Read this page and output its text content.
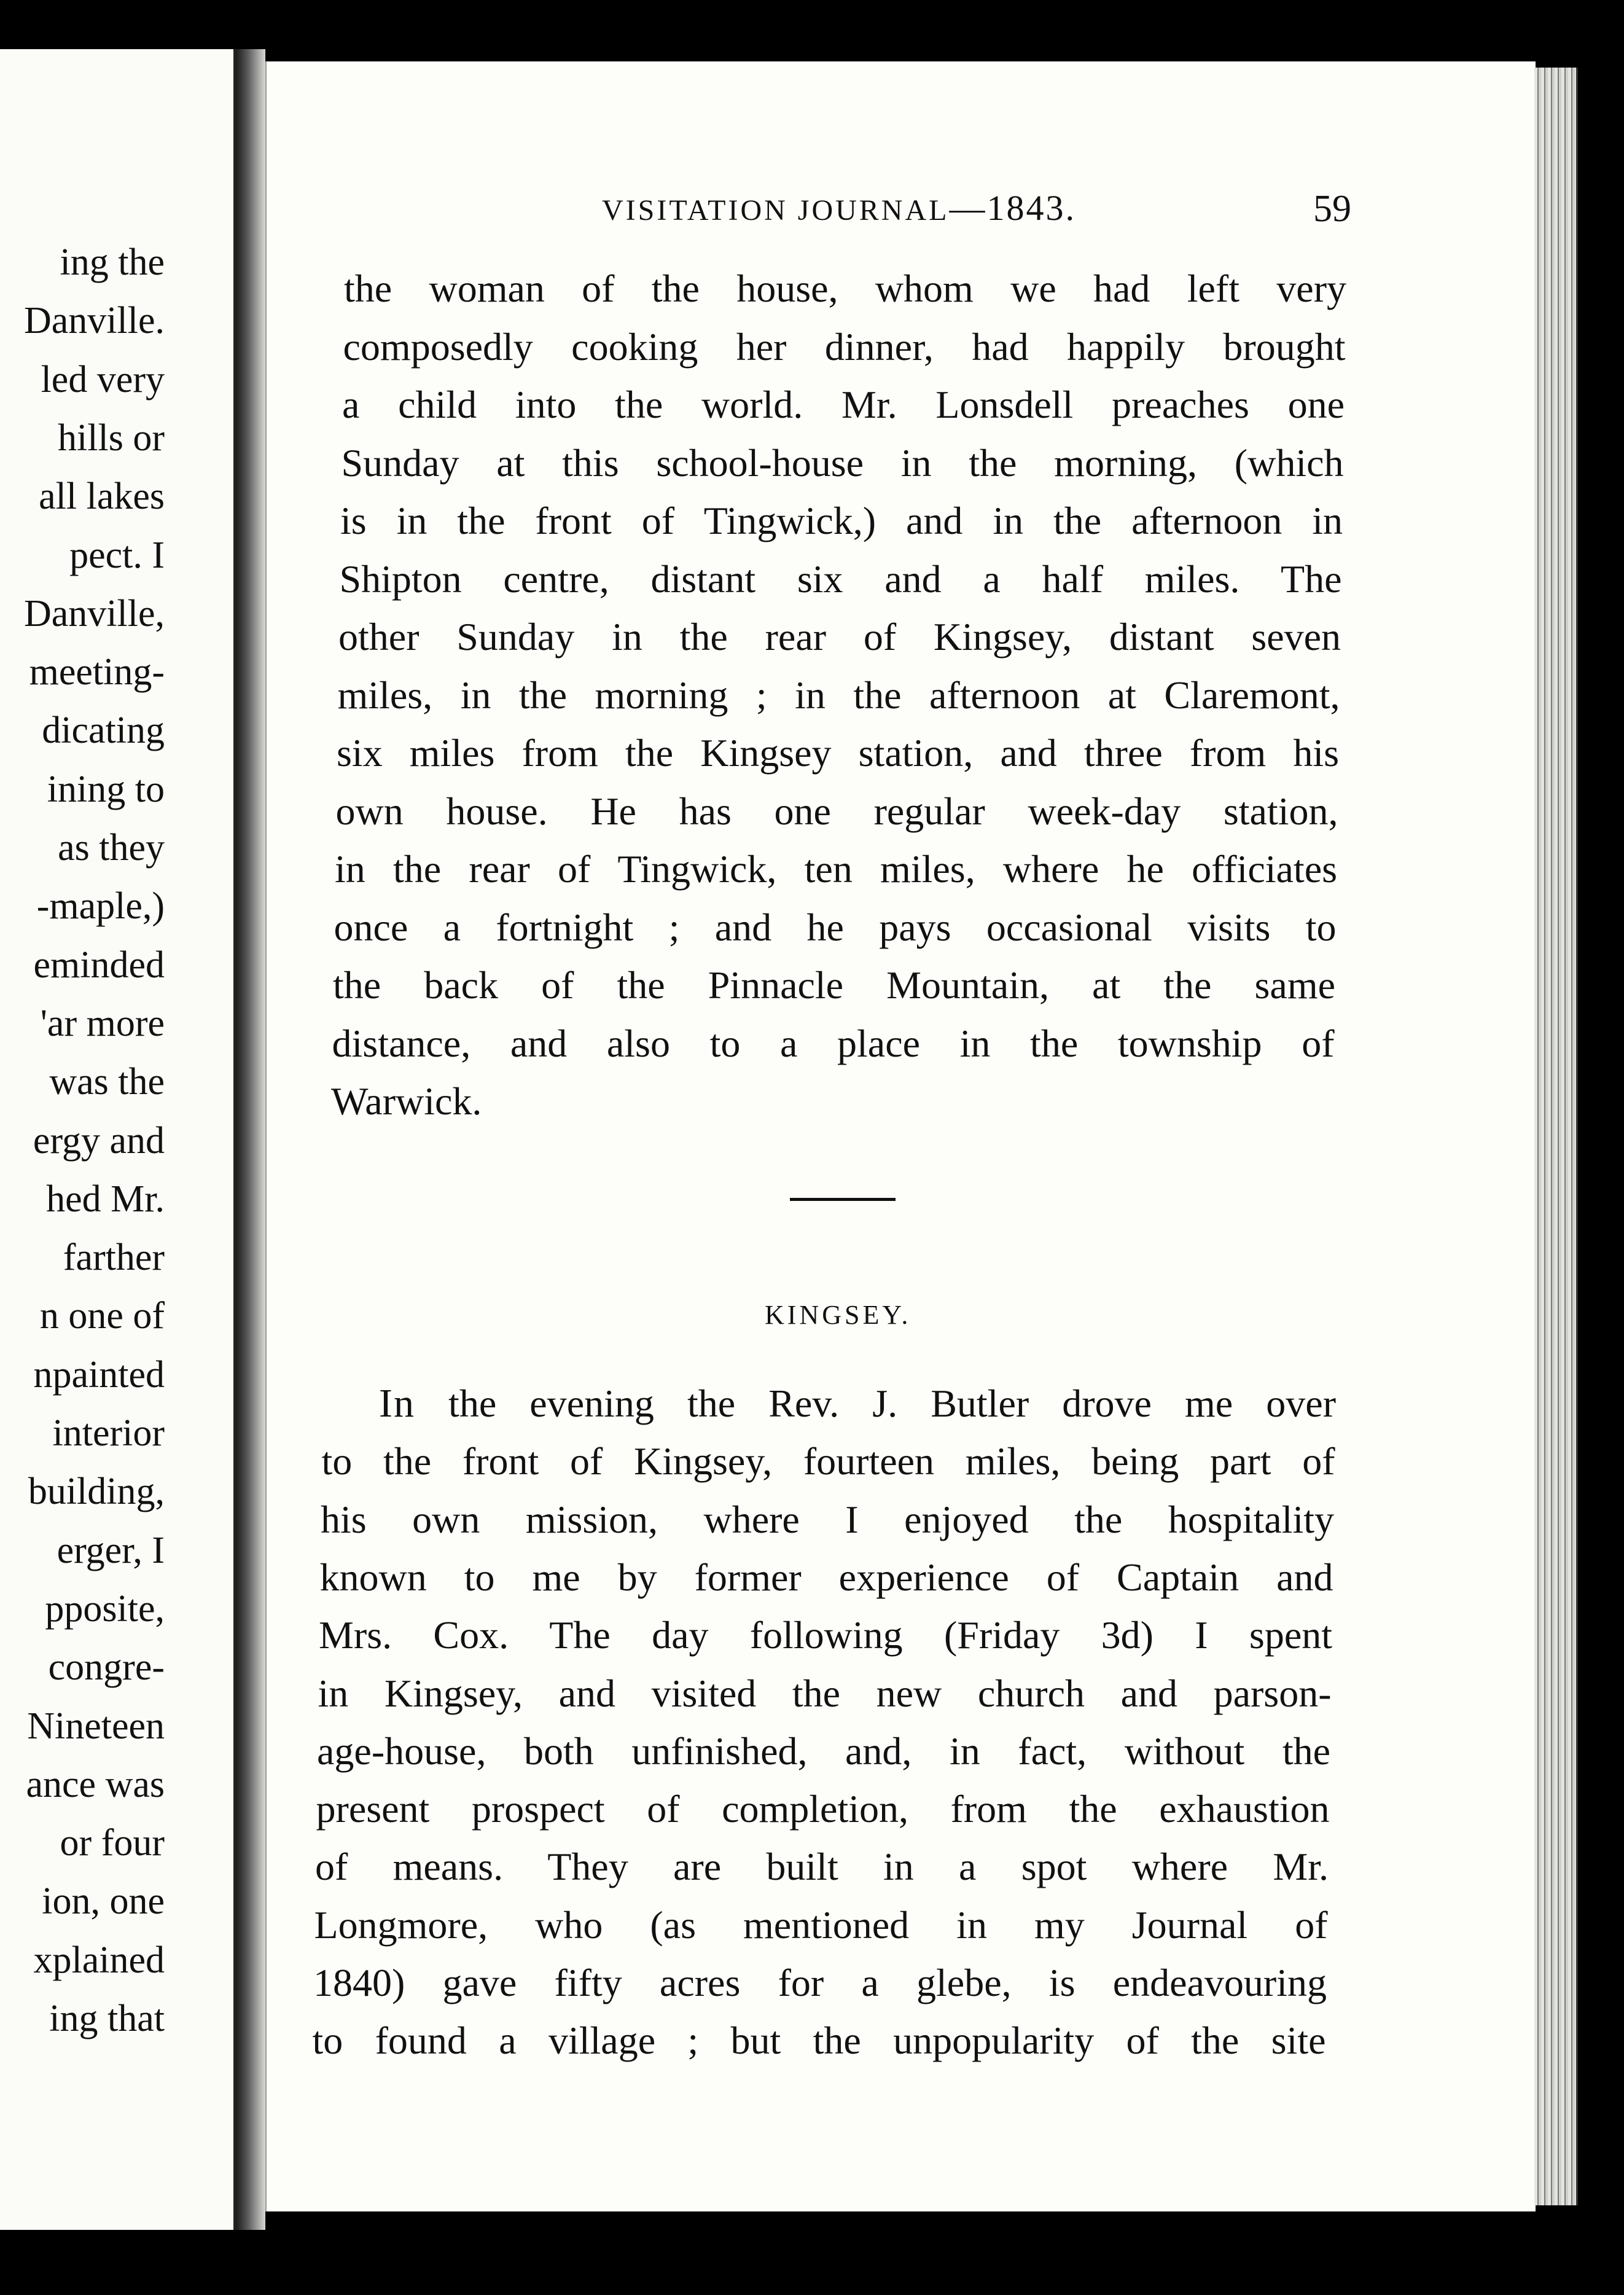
ing the
Danville.
led very
hills or
all lakes
pect. I
Danville,
meeting-
dicating
ining to
as they
-maple,)
eminded
'ar more
was the
ergy and
hed Mr.
farther
n one of
npainted
interior
building,
erger, I
pposite,
congre-
Nineteen
ance was
or four
ion, one
xplained
ing that
VISITATION JOURNAL—1843.	59
the woman of the house, whom we had left very
composedly cooking her dinner, had happily brought
a child into the world. Mr. Lonsdell preaches one
Sunday at this school-house in the morning, (which
is in the front of Tingwick,) and in the afternoon in
Shipton centre, distant six and a half miles. The
other Sunday in the rear of Kingsey, distant seven
miles, in the morning ; in the afternoon at Claremont,
six miles from the Kingsey station, and three from his
own house. He has one regular week-day station,
in the rear of Tingwick, ten miles, where he officiates
once a fortnight ; and he pays occasional visits to
the back of the Pinnacle Mountain, at the same
distance, and also to a place in the township of
Warwick.
KINGSEY.
In the evening the Rev. J. Butler drove me over
to the front of Kingsey, fourteen miles, being part of
his own mission, where I enjoyed the hospitality
known to me by former experience of Captain and
Mrs. Cox. The day following (Friday 3d) I spent
in Kingsey, and visited the new church and parson-
age-house, both unfinished, and, in fact, without the
present prospect of completion, from the exhaustion
of means. They are built in a spot where Mr.
Longmore, who (as mentioned in my Journal of
1840) gave fifty acres for a glebe, is endeavouring
to found a village ; but the unpopularity of the site
